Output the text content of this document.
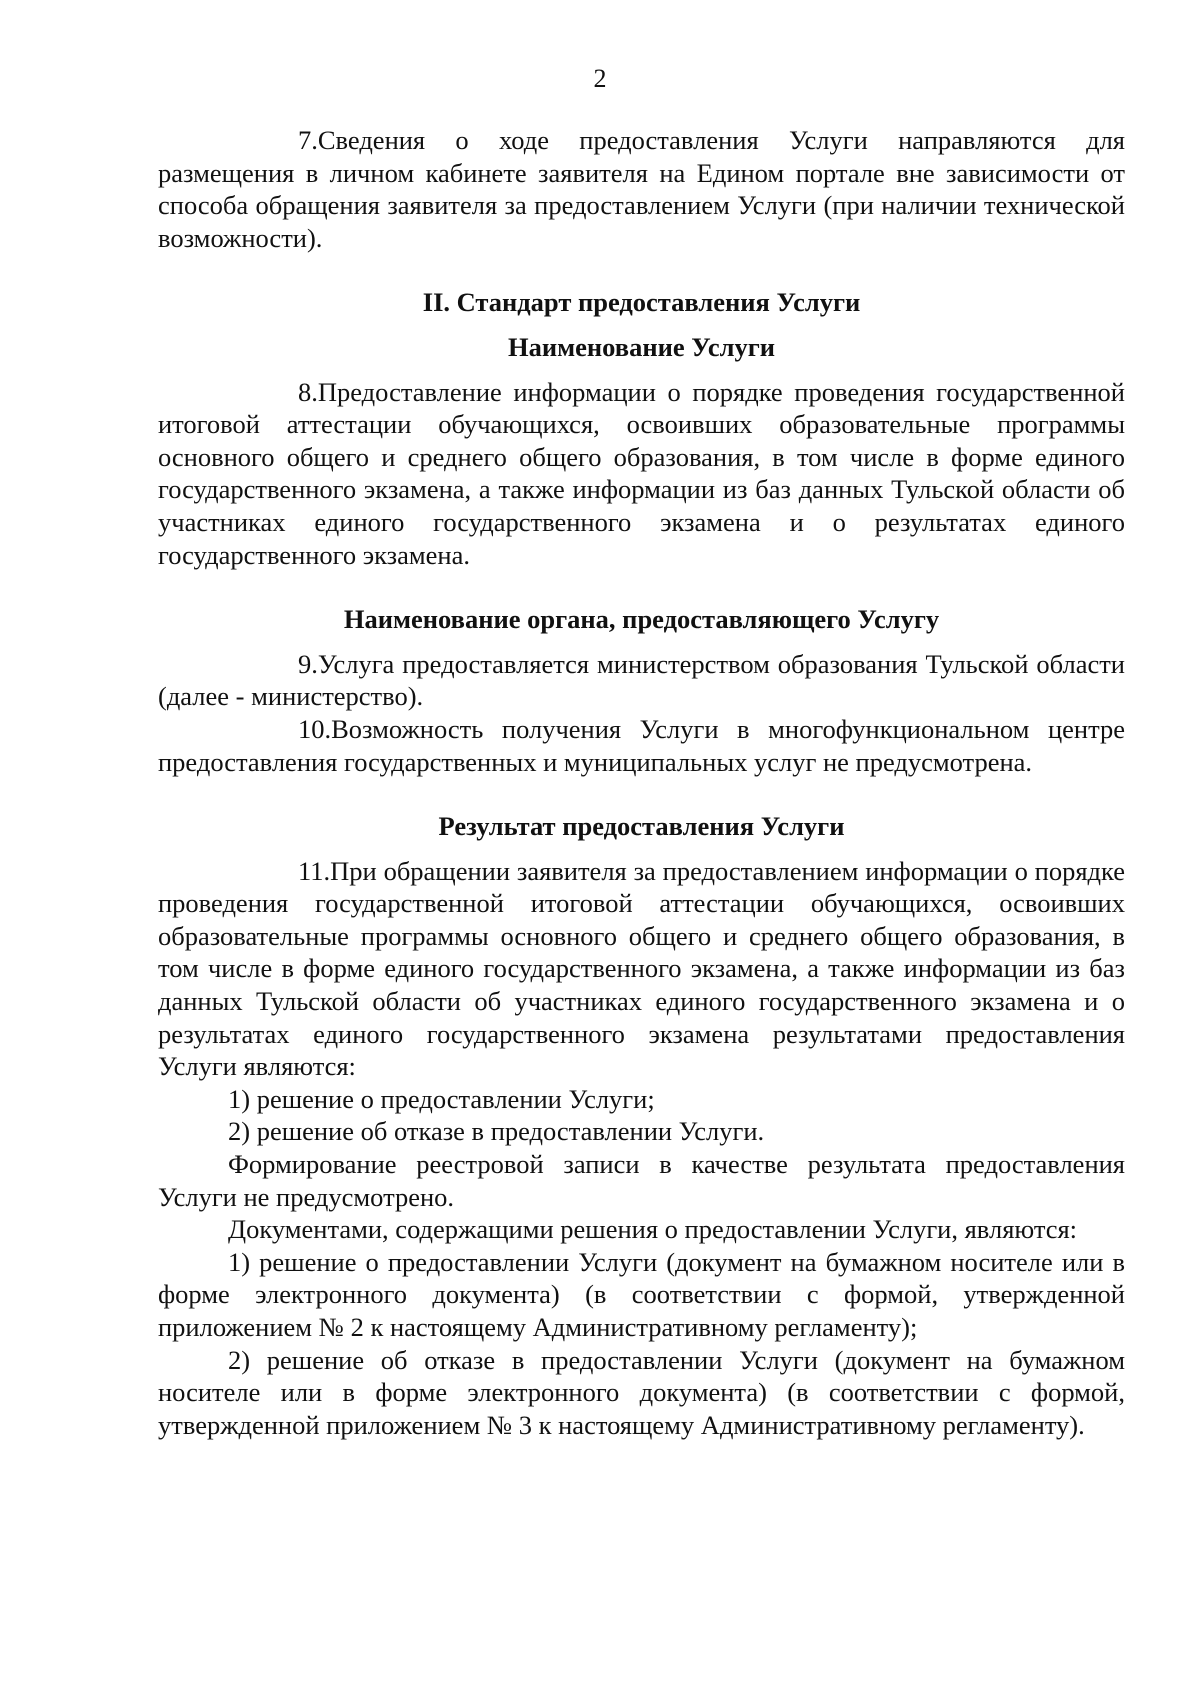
2

7.Сведения о ходе предоставления Услуги направляются для размещения в личном кабинете заявителя на Едином портале вне зависимости от способа обращения заявителя за предоставлением Услуги (при наличии технической возможности).

II. Стандарт предоставления Услуги
Наименование Услуги

8.Предоставление информации о порядке проведения государственной итоговой аттестации обучающихся, освоивших образовательные программы основного общего и среднего общего образования, в том числе в форме единого государственного экзамена, а также информации из баз данных Тульской области об участниках единого государственного экзамена и о результатах единого государственного экзамена.

Наименование органа, предоставляющего Услугу

9.Услуга предоставляется министерством образования Тульской области (далее - министерство).

10.Возможность получения Услуги в многофункциональном центре предоставления государственных и муниципальных услуг не предусмотрена.

Результат предоставления Услуги

11.При обращении заявителя за предоставлением информации о порядке проведения государственной итоговой аттестации обучающихся, освоивших образовательные программы основного общего и среднего общего образования, в том числе в форме единого государственного экзамена, а также информации из баз данных Тульской области об участниках единого государственного экзамена и о результатах единого государственного экзамена результатами предоставления Услуги являются:

1) решение о предоставлении Услуги;

2) решение об отказе в предоставлении Услуги.

Формирование реестровой записи в качестве результата предоставления Услуги не предусмотрено.

Документами, содержащими решения о предоставлении Услуги, являются:

1) решение о предоставлении Услуги (документ на бумажном носителе или в форме электронного документа) (в соответствии с формой, утвержденной приложением № 2 к настоящему Административному регламенту);

2) решение об отказе в предоставлении Услуги (документ на бумажном носителе или в форме электронного документа) (в соответствии с формой, утвержденной приложением № 3 к настоящему Административному регламенту).
